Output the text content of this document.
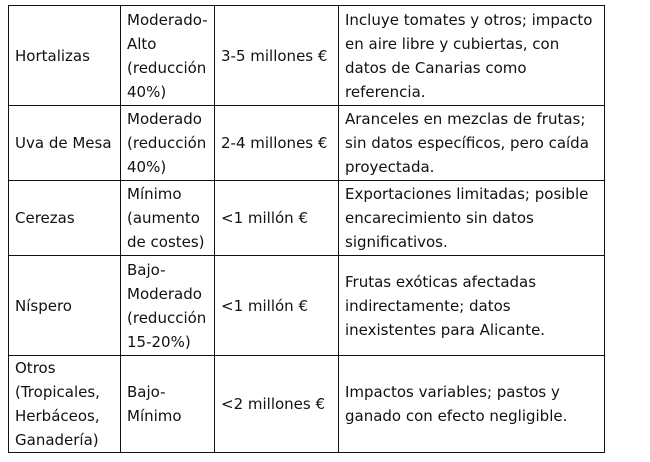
Hortalizas	Moderado-Alto (reducción 40%)	3-5 millones €	Incluye tomates y otros; impacto en aire libre y cubiertas, con datos de Canarias como referencia.
Uva de Mesa	Moderado (reducción 40%)	2-4 millones €	Aranceles en mezclas de frutas; sin datos específicos, pero caída proyectada.
Cerezas	Mínimo (aumento de costes)	<1 millón €	Exportaciones limitadas; posible encarecimiento sin datos significativos.
Níspero	Bajo-Moderado (reducción 15-20%)	<1 millón €	Frutas exóticas afectadas indirectamente; datos inexistentes para Alicante.
Otros (Tropicales, Herbáceos, Ganadería)	Bajo-Mínimo	<2 millones €	Impactos variables; pastos y ganado con efecto negligible.
